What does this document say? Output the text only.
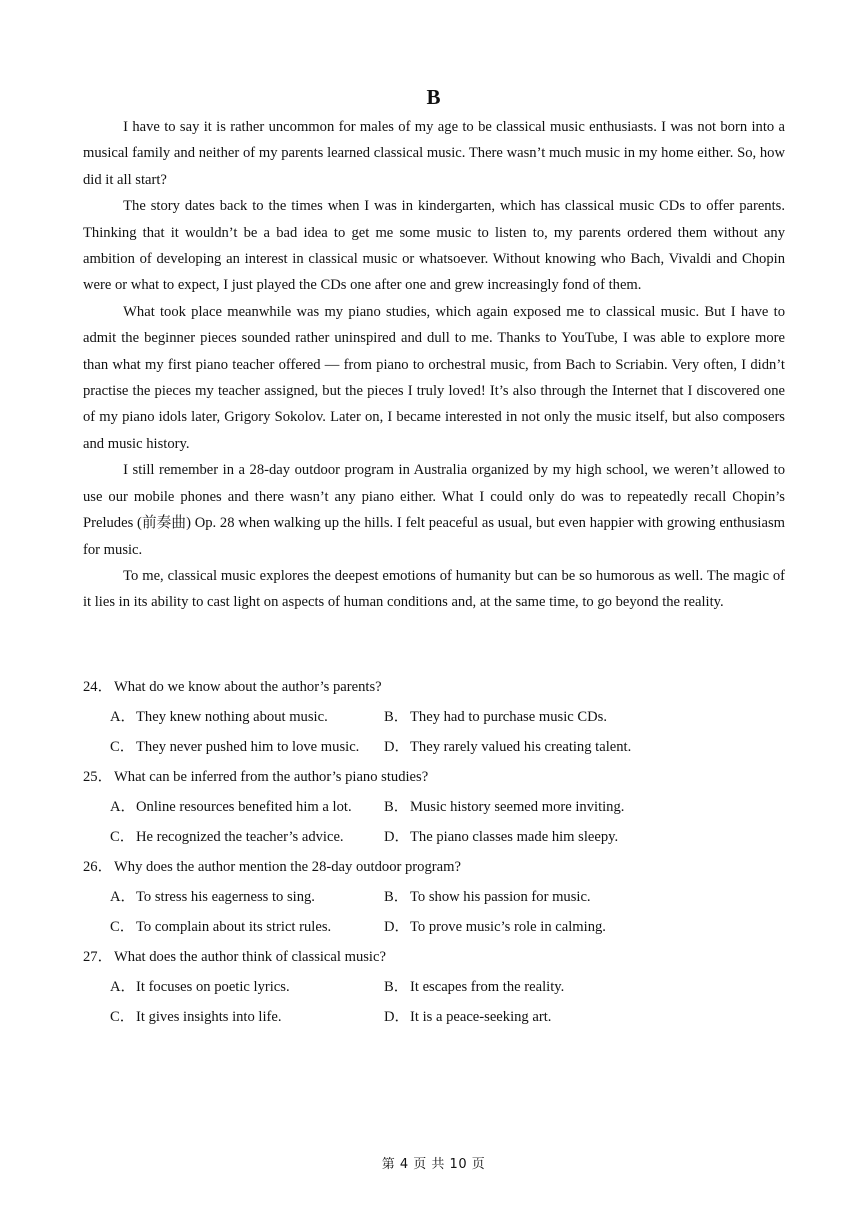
B

I have to say it is rather uncommon for males of my age to be classical music enthusiasts. I was not born into a musical family and neither of my parents learned classical music. There wasn’t much music in my home either. So, how did it all start?

The story dates back to the times when I was in kindergarten, which has classical music CDs to offer parents. Thinking that it wouldn’t be a bad idea to get me some music to listen to, my parents ordered them without any ambition of developing an interest in classical music or whatsoever. Without knowing who Bach, Vivaldi and Chopin were or what to expect, I just played the CDs one after one and grew increasingly fond of them.

What took place meanwhile was my piano studies, which again exposed me to classical music. But I have to admit the beginner pieces sounded rather uninspired and dull to me. Thanks to YouTube, I was able to explore more than what my first piano teacher offered — from piano to orchestral music, from Bach to Scriabin. Very often, I didn’t practise the pieces my teacher assigned, but the pieces I truly loved! It’s also through the Internet that I discovered one of my piano idols later, Grigory Sokolov. Later on, I became interested in not only the music itself, but also composers and music history.

I still remember in a 28-day outdoor program in Australia organized by my high school, we weren’t allowed to use our mobile phones and there wasn’t any piano either. What I could only do was to repeatedly recall Chopin’s Preludes (前奏曲) Op. 28 when walking up the hills. I felt peaceful as usual, but even happier with growing enthusiasm for music.

To me, classical music explores the deepest emotions of humanity but can be so humorous as well. The magic of it lies in its ability to cast light on aspects of human conditions and, at the same time, to go beyond the reality.

24． What do we know about the author’s parents?
A．They knew nothing about music.	B． They had to purchase music CDs.
C． They never pushed him to love music. D．They rarely valued his creating talent.
25． What can be inferred from the author’s piano studies?
A．Online resources benefited him a lot. B． Music history seemed more inviting.
C． He recognized the teacher’s advice.	D．The piano classes made him sleepy.
26． Why does the author mention the 28-day outdoor program?
A．To stress his eagerness to sing.	B． To show his passion for music.
C． To complain about its strict rules.	D．To prove music’s role in calming.
27． What does the author think of classical music?
A．It focuses on poetic lyrics.	B． It escapes from the reality.
C． It gives insights into life.	D．It is a peace-seeking art.
第 4 页 共 10 页
